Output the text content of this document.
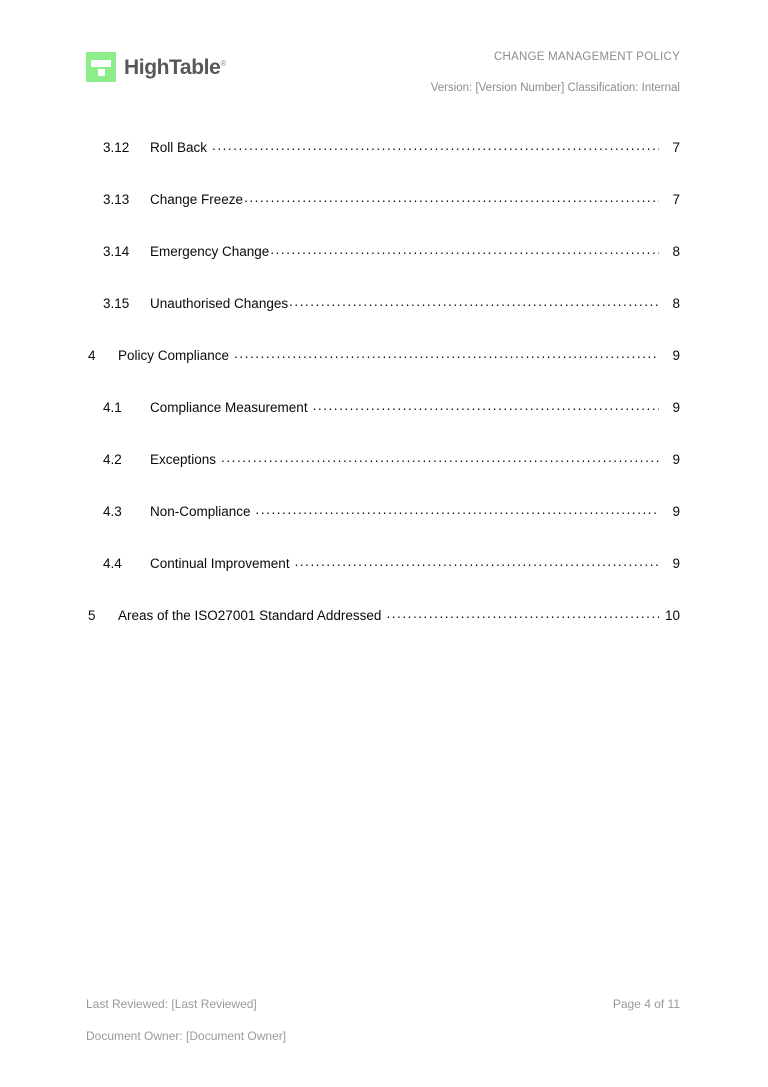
HighTable®	CHANGE MANAGEMENT POLICY
Version: [Version Number] Classification: Internal
3.12	Roll Back .....	7
3.13	Change Freeze .....	7
3.14	Emergency Change .....	8
3.15	Unauthorised Changes .....	8
4	Policy Compliance .....	9
4.1	Compliance Measurement .....	9
4.2	Exceptions .....	9
4.3	Non-Compliance .....	9
4.4	Continual Improvement .....	9
5	Areas of the ISO27001 Standard Addressed .....	10
Last Reviewed: [Last Reviewed]	Page 4 of 11
Document Owner: [Document Owner]
